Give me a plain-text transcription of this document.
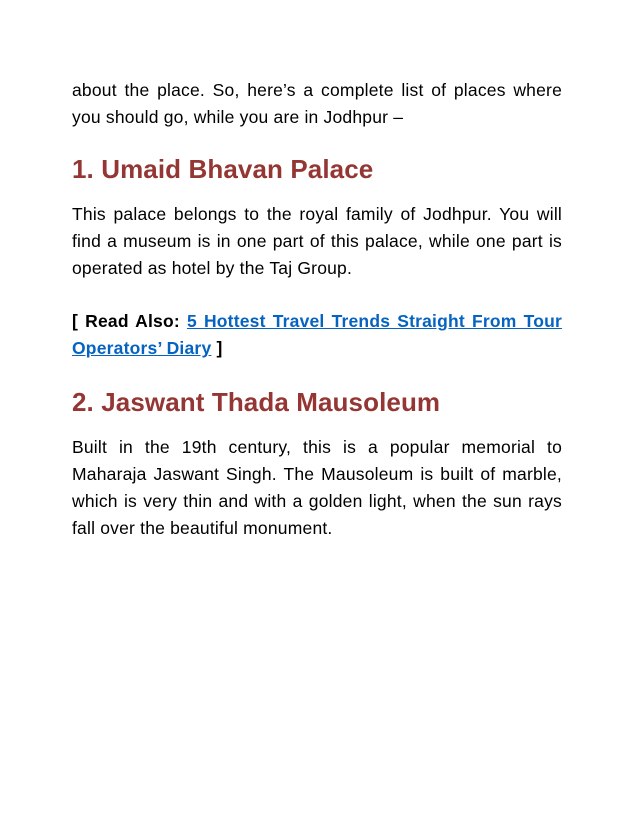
about the place. So, here’s a complete list of places where you should go, while you are in Jodhpur –

1. Umaid Bhavan Palace

This palace belongs to the royal family of Jodhpur. You will find a museum is in one part of this palace, while one part is operated as hotel by the Taj Group.

[ Read Also: 5 Hottest Travel Trends Straight From Tour Operators’ Diary ]

2. Jaswant Thada Mausoleum

Built in the 19th century, this is a popular memorial to Maharaja Jaswant Singh. The Mausoleum is built of marble, which is very thin and with a golden light, when the sun rays fall over the beautiful monument.
